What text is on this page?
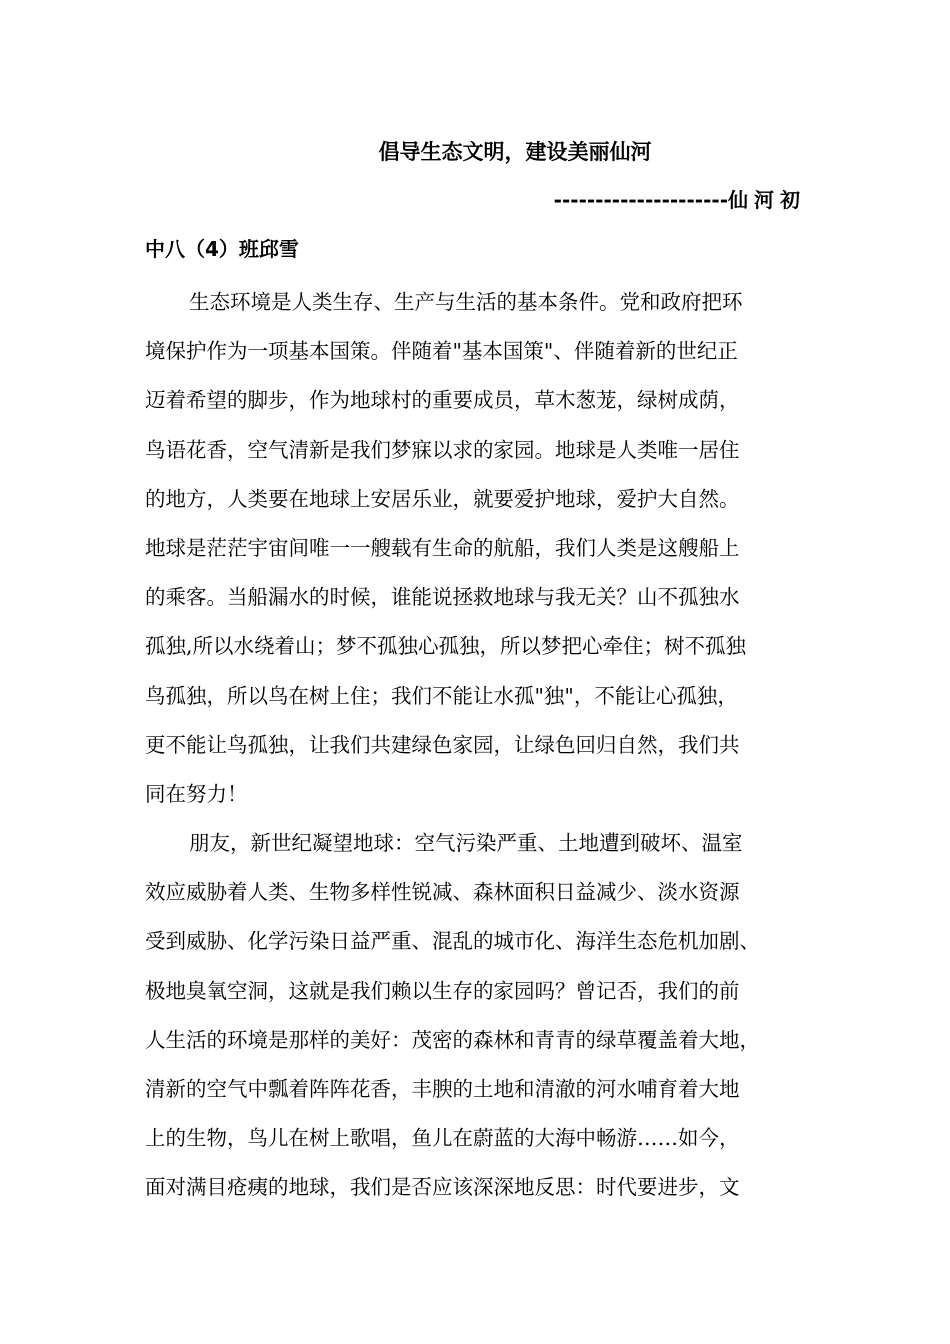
倡导生态文明，建设美丽仙河
---------------------仙河初
中八（4）班邱雪
生态环境是人类生存、生产与生活的基本条件。党和政府把环
境保护作为一项基本国策。伴随着"基本国策"、伴随着新的世纪正
迈着希望的脚步，作为地球村的重要成员，草木葱茏，绿树成荫，
鸟语花香，空气清新是我们梦寐以求的家园。地球是人类唯一居住
的地方，人类要在地球上安居乐业，就要爱护地球，爱护大自然。
地球是茫茫宇宙间唯一一艘载有生命的航船，我们人类是这艘船上
的乘客。当船漏水的时候，谁能说拯救地球与我无关？山不孤独水
孤独,所以水绕着山；梦不孤独心孤独，所以梦把心牵住；树不孤独
鸟孤独，所以鸟在树上住；我们不能让水孤"独"，不能让心孤独，
更不能让鸟孤独，让我们共建绿色家园，让绿色回归自然，我们共
同在努力！
朋友，新世纪凝望地球：空气污染严重、土地遭到破坏、温室
效应威胁着人类、生物多样性锐减、森林面积日益减少、淡水资源
受到威胁、化学污染日益严重、混乱的城市化、海洋生态危机加剧、
极地臭氧空洞，这就是我们赖以生存的家园吗？曾记否，我们的前
人生活的环境是那样的美好：茂密的森林和青青的绿草覆盖着大地，
清新的空气中瓢着阵阵花香，丰腴的土地和清澈的河水哺育着大地
上的生物，鸟儿在树上歌唱，鱼儿在蔚蓝的大海中畅游……如今，
面对满目疮痍的地球，我们是否应该深深地反思：时代要进步，文
